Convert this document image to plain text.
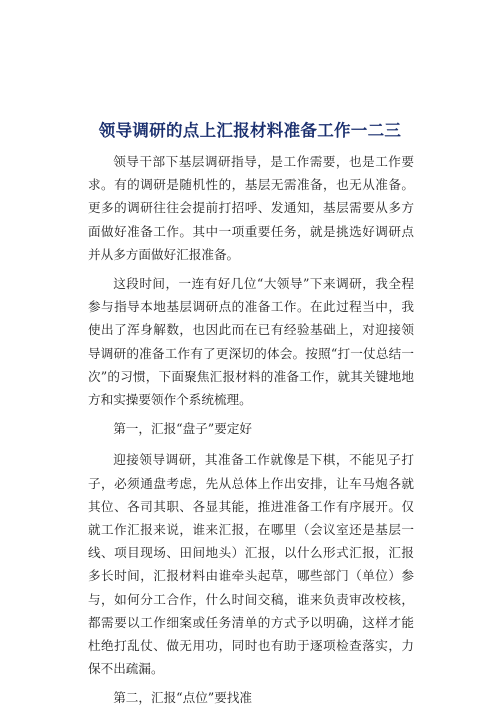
领导调研的点上汇报材料准备工作一二三

领导干部下基层调研指导，是工作需要，也是工作要求。有的调研是随机性的，基层无需准备，也无从准备。更多的调研往往会提前打招呼、发通知，基层需要从多方面做好准备工作。其中一项重要任务，就是挑选好调研点并从多方面做好汇报准备。

这段时间，一连有好几位“大领导”下来调研，我全程参与指导本地基层调研点的准备工作。在此过程当中，我使出了浑身解数，也因此而在已有经验基础上，对迎接领导调研的准备工作有了更深切的体会。按照“打一仗总结一次”的习惯，下面聚焦汇报材料的准备工作，就其关键地地方和实操要领作个系统梳理。

第一，汇报“盘子”要定好

迎接领导调研，其准备工作就像是下棋，不能见子打子，必须通盘考虑，先从总体上作出安排，让车马炮各就其位、各司其职、各显其能，推进准备工作有序展开。仅就工作汇报来说，谁来汇报，在哪里（会议室还是基层一线、项目现场、田间地头）汇报，以什么形式汇报，汇报多长时间，汇报材料由谁牵头起草，哪些部门（单位）参与，如何分工合作，什么时间交稿，谁来负责审改校核，都需要以工作细案或任务清单的方式予以明确，这样才能杜绝打乱仗、做无用功，同时也有助于逐项检查落实，力保不出疏漏。

第二，汇报“点位”要找准
